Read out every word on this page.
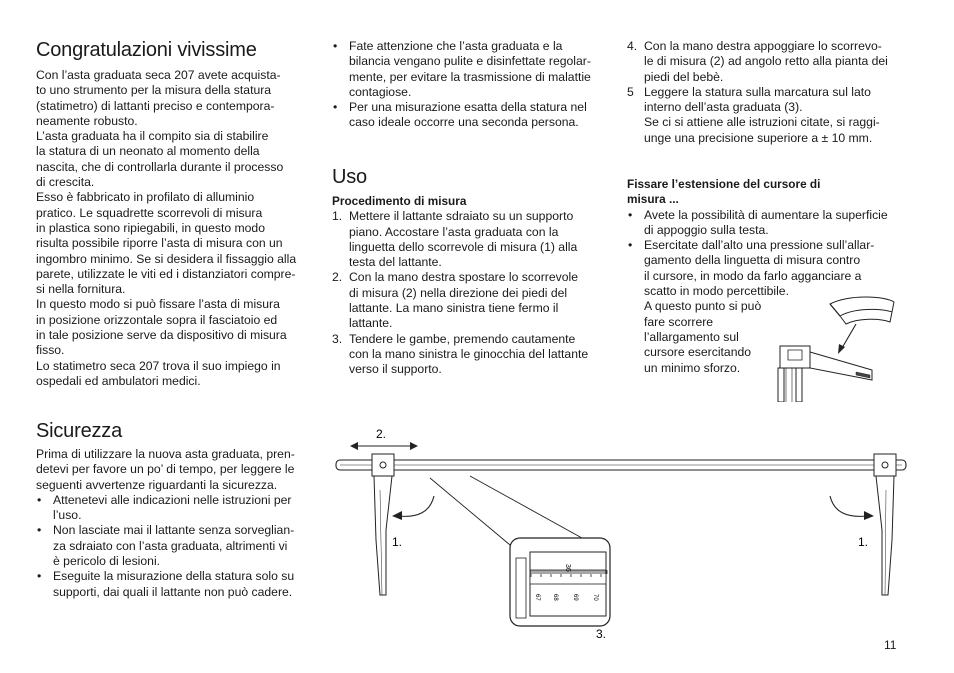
Congratulazioni vivissime
Con l’asta graduata seca 207 avete acquista-
to uno strumento per la misura della statura
(statimetro) di lattanti preciso e contempora-
neamente robusto.
L’asta graduata ha il compito sia di stabilire
la statura di un neonato al momento della
nascita, che di controllarla durante il processo
di crescita.
Esso è fabbricato in profilato di alluminio
pratico. Le squadrette scorrevoli di misura
in plastica sono ripiegabili, in questo modo
risulta possibile riporre l’asta di misura con un
ingombro minimo. Se si desidera il fissaggio alla
parete, utilizzate le viti ed i distanziatori compre-
si nella fornitura.
In questo modo si può fissare l’asta di misura
in posizione orizzontale sopra il fasciatoio ed
in tale posizione serve da dispositivo di misura
fisso.
Lo statimetro seca 207 trova il suo impiego in
ospedali ed ambulatori medici.
Sicurezza
Prima di utilizzare la nuova asta graduata, pren-
detevi per favore un po’ di tempo, per leggere le
seguenti avvertenze riguardanti la sicurezza.
• Attenetevi alle indicazioni nelle istruzioni per
l’uso.
• Non lasciate mai il lattante senza sorveglian-
za sdraiato con l’asta graduata, altrimenti vi
è pericolo di lesioni.
• Eseguite la misurazione della statura solo su
supporti, dai quali il lattante non può cadere.
• Fate attenzione che l’asta graduata e la
bilancia vengano pulite e disinfettate regolar-
mente, per evitare la trasmissione di malattie
contagiose.
• Per una misurazione esatta della statura nel
caso ideale occorre una seconda persona.
Uso

Procedimento di misura

1. Mettere il lattante sdraiato su un supporto
piano. Accostare l’asta graduata con la
linguetta dello scorrevole di misura (1) alla
testa del lattante.
2. Con la mano destra spostare lo scorrevole
di misura (2) nella direzione dei piedi del
lattante. La mano sinistra tiene fermo il
lattante.
3. Tendere le gambe, premendo cautamente
con la mano sinistra le ginocchia del lattante
verso il supporto.
4. Con la mano destra appoggiare lo scorrevo-
le di misura (2) ad angolo retto alla pianta dei
piedi del bebè.
5 Leggere la statura sulla marcatura sul lato
interno dell’asta graduata (3).
Se ci si attiene alle istruzioni citate, si raggi-
unge una precisione superiore a ± 10 mm.
Fissare l’estensione del cursore di
misura ...
• Avete la possibilità di aumentare la superficie
di appoggio sulla testa.
• Esercitate dall’alto una pressione sull’allar-
gamento della linguetta di misura contro
il cursore, in modo da farlo agganciare a
scatto in modo percettibile.
A questo punto si può
fare scorrere
l’allargamento sul
cursore esercitando
un minimo sforzo.
2.
1.	1.
36
67 68 69 70
3.
11
